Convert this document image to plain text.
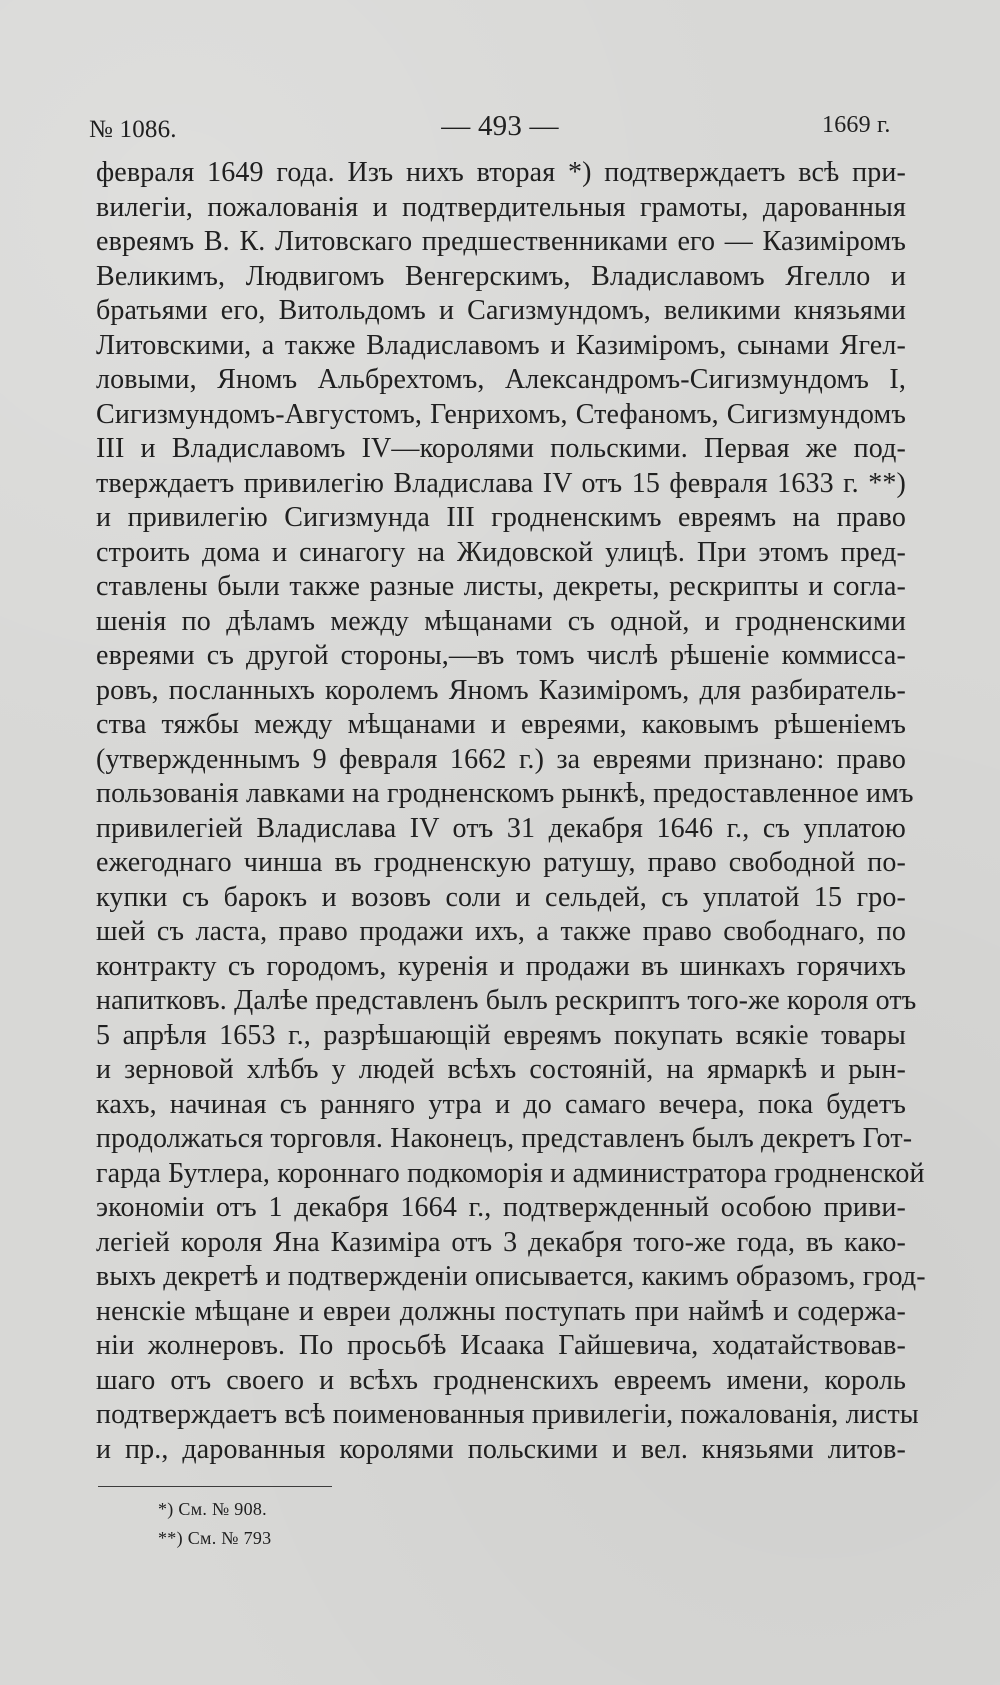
№ 1086.	— 493 —	1669 г.
февраля 1649 года. Изъ нихъ вторая *) подтверждаетъ всѣ при-
вилегіи, пожалованія и подтвердительныя грамоты, дарованныя
евреямъ В. К. Литовскаго предшественниками его — Казиміромъ
Великимъ, Людвигомъ Венгерскимъ, Владиславомъ Ягелло и
братьями его, Витольдомъ и Сагизмундомъ, великими князьями
Литовскими, а также Владиславомъ и Казиміромъ, сынами Ягел-
ловыми, Яномъ Альбрехтомъ, Александромъ-Сигизмундомъ I,
Сигизмундомъ-Августомъ, Генрихомъ, Стефаномъ, Сигизмундомъ
III и Владиславомъ IV—королями польскими. Первая же под-
тверждаетъ привилегію Владислава IV отъ 15 февраля 1633 г. **)
и привилегію Сигизмунда III гродненскимъ евреямъ на право
строить дома и синагогу на Жидовской улицѣ. При этомъ пред-
ставлены были также разные листы, декреты, рескрипты и согла-
шенія по дѣламъ между мѣщанами съ одной, и гродненскими
евреями съ другой стороны,—въ томъ числѣ рѣшеніе коммисса-
ровъ, посланныхъ королемъ Яномъ Казиміромъ, для разбиратель-
ства тяжбы между мѣщанами и евреями, каковымъ рѣшеніемъ
(утвержденнымъ 9 февраля 1662 г.) за евреями признано: право
пользованія лавками на гродненскомъ рынкѣ, предоставленное имъ
привилегіей Владислава IV отъ 31 декабря 1646 г., съ уплатою
ежегоднаго чинша въ гродненскую ратушу, право свободной по-
купки съ барокъ и возовъ соли и сельдей, съ уплатой 15 гро-
шей съ ласта, право продажи ихъ, а также право свободнаго, по
контракту съ городомъ, куренія и продажи въ шинкахъ горячихъ
напитковъ. Далѣе представленъ былъ рескриптъ того-же короля отъ
5 апрѣля 1653 г., разрѣшающій евреямъ покупать всякіе товары
и зерновой хлѣбъ у людей всѣхъ состояній, на ярмаркѣ и рын-
кахъ, начиная съ ранняго утра и до самаго вечера, пока будетъ
продолжаться торговля. Наконецъ, представленъ былъ декретъ Гот-
гарда Бутлера, короннаго подкоморія и администратора гродненской
экономіи отъ 1 декабря 1664 г., подтвержденный особою приви-
легіей короля Яна Казиміра отъ 3 декабря того-же года, въ како-
выхъ декретѣ и подтвержденіи описывается, какимъ образомъ, грод-
ненскіе мѣщане и евреи должны поступать при наймѣ и содержа-
ніи жолнеровъ. По просьбѣ Исаака Гайшевича, ходатайствовав-
шаго отъ своего и всѣхъ гродненскихъ евреемъ имени, король
подтверждаетъ всѣ поименованныя привилегіи, пожалованія, листы
и пр., дарованныя королями польскими и вел. князьями литов-
*) См. № 908.
**) См. № 793
